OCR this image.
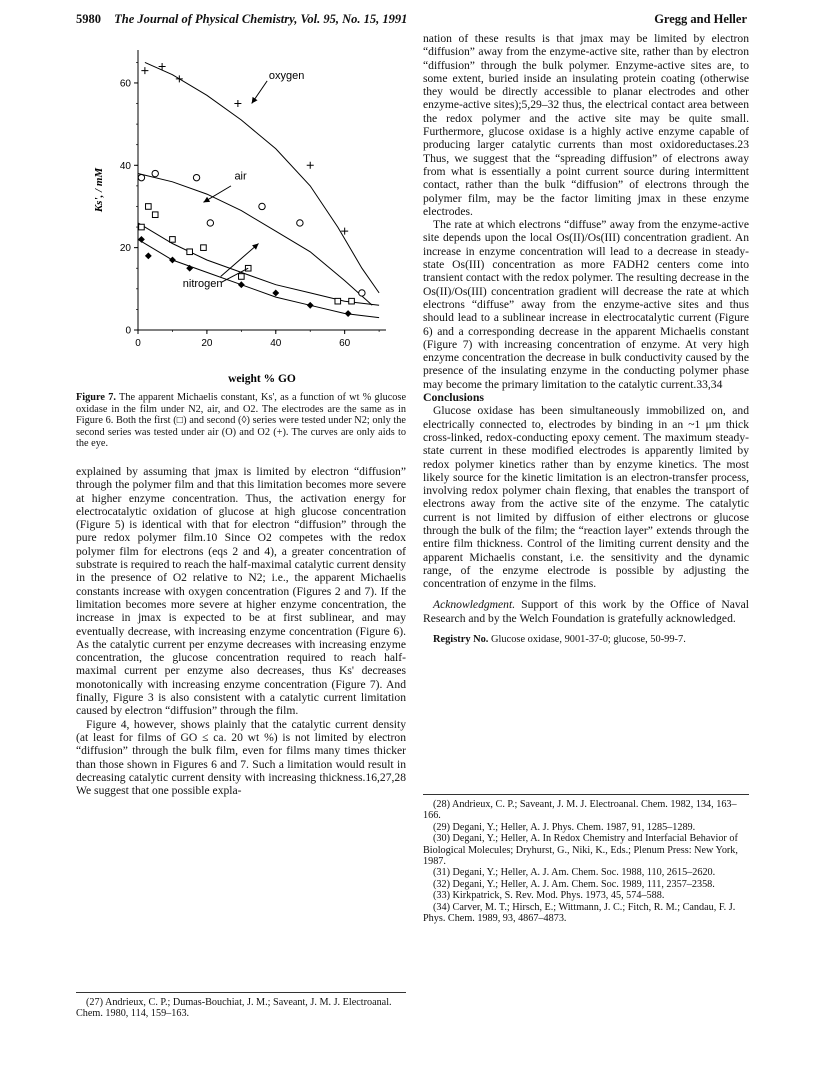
5980 The Journal of Physical Chemistry, Vol. 95, No. 15, 1991	Gregg and Heller
0	20	40	60
0
20
40
60
weight % GO
Ks', / mM
oxygen
air
nitrogen
Figure 7. The apparent Michaelis constant, Ks', as a function of wt % glucose oxidase in the film under N2, air, and O2. The electrodes are the same as in Figure 6. Both the first (□) and second (◊) series were tested under N2; only the second series was tested under air (O) and O2 (+). The curves are only aids to the eye.

explained by assuming that jmax is limited by electron “diffusion” through the polymer film and that this limitation becomes more severe at higher enzyme concentration. Thus, the activation energy for electrocatalytic oxidation of glucose at high glucose concentration (Figure 5) is identical with that for electron “diffusion” through the pure redox polymer film.10 Since O2 competes with the redox polymer film for electrons (eqs 2 and 4), a greater concentration of substrate is required to reach the half-maximal catalytic current density in the presence of O2 relative to N2; i.e., the apparent Michaelis constants increase with oxygen concentration (Figures 2 and 7). If the limitation becomes more severe at higher enzyme concentration, the increase in jmax is expected to be at first sublinear, and may eventually decrease, with increasing enzyme concentration (Figure 6). As the catalytic current per enzyme decreases with increasing enzyme concentration, the glucose concentration required to reach half-maximal current per enzyme also decreases, thus Ks' decreases monotonically with increasing enzyme concentration (Figure 7). And finally, Figure 3 is also consistent with a catalytic current limitation caused by electron “diffusion” through the film.

Figure 4, however, shows plainly that the catalytic current density (at least for films of GO ≤ ca. 20 wt %) is not limited by electron “diffusion” through the bulk film, even for films many times thicker than those shown in Figures 6 and 7. Such a limitation would result in decreasing catalytic current density with increasing thickness.16,27,28 We suggest that one possible expla-

(27) Andrieux, C. P.; Dumas-Bouchiat, J. M.; Saveant, J. M. J. Electroanal. Chem. 1980, 114, 159–163.

nation of these results is that jmax may be limited by electron “diffusion” away from the enzyme-active site, rather than by electron “diffusion” through the bulk polymer. Enzyme-active sites are, to some extent, buried inside an insulating protein coating (otherwise they would be directly accessible to planar electrodes and other enzyme-active sites);5,29–32 thus, the electrical contact area between the redox polymer and the active site may be quite small. Furthermore, glucose oxidase is a highly active enzyme capable of producing larger catalytic currents than most oxidoreductases.23 Thus, we suggest that the “spreading diffusion” of electrons away from what is essentially a point current source during intermittent contact, rather than the bulk “diffusion” of electrons through the polymer film, may be the factor limiting jmax in these enzyme electrodes.

The rate at which electrons “diffuse” away from the enzyme-active site depends upon the local Os(II)/Os(III) concentration gradient. An increase in enzyme concentration will lead to a decrease in steady-state Os(III) concentration as more FADH2 centers come into transient contact with the redox polymer. The resulting decrease in the Os(II)/Os(III) concentration gradient will decrease the rate at which electrons “diffuse” away from the enzyme-active sites and thus should lead to a sublinear increase in electrocatalytic current (Figure 6) and a corresponding decrease in the apparent Michaelis constant (Figure 7) with increasing concentration of enzyme. At very high enzyme concentration the decrease in bulk conductivity caused by the presence of the insulating enzyme in the conducting polymer phase may become the primary limitation to the catalytic current.33,34

Conclusions

Glucose oxidase has been simultaneously immobilized on, and electrically connected to, electrodes by binding in an ~1 μm thick cross-linked, redox-conducting epoxy cement. The maximum steady-state current in these modified electrodes is apparently limited by redox polymer kinetics rather than by enzyme kinetics. The most likely source for the kinetic limitation is an electron-transfer process, involving redox polymer chain flexing, that enables the transport of electrons away from the active site of the enzyme. The catalytic current is not limited by diffusion of either electrons or glucose through the bulk of the film; the “reaction layer” extends through the entire film thickness. Control of the limiting current density and the apparent Michaelis constant, i.e. the sensitivity and the dynamic range, of the enzyme electrode is possible by adjusting the concentration of enzyme in the films.

Acknowledgment. Support of this work by the Office of Naval Research and by the Welch Foundation is gratefully acknowledged.

Registry No. Glucose oxidase, 9001-37-0; glucose, 50-99-7.

(28) Andrieux, C. P.; Saveant, J. M. J. Electroanal. Chem. 1982, 134, 163–166.

(29) Degani, Y.; Heller, A. J. Phys. Chem. 1987, 91, 1285–1289.

(30) Degani, Y.; Heller, A. In Redox Chemistry and Interfacial Behavior of Biological Molecules; Dryhurst, G., Niki, K., Eds.; Plenum Press: New York, 1987.

(31) Degani, Y.; Heller, A. J. Am. Chem. Soc. 1988, 110, 2615–2620.

(32) Degani, Y.; Heller, A. J. Am. Chem. Soc. 1989, 111, 2357–2358.

(33) Kirkpatrick, S. Rev. Mod. Phys. 1973, 45, 574–588.

(34) Carver, M. T.; Hirsch, E.; Wittmann, J. C.; Fitch, R. M.; Candau, F. J. Phys. Chem. 1989, 93, 4867–4873.
